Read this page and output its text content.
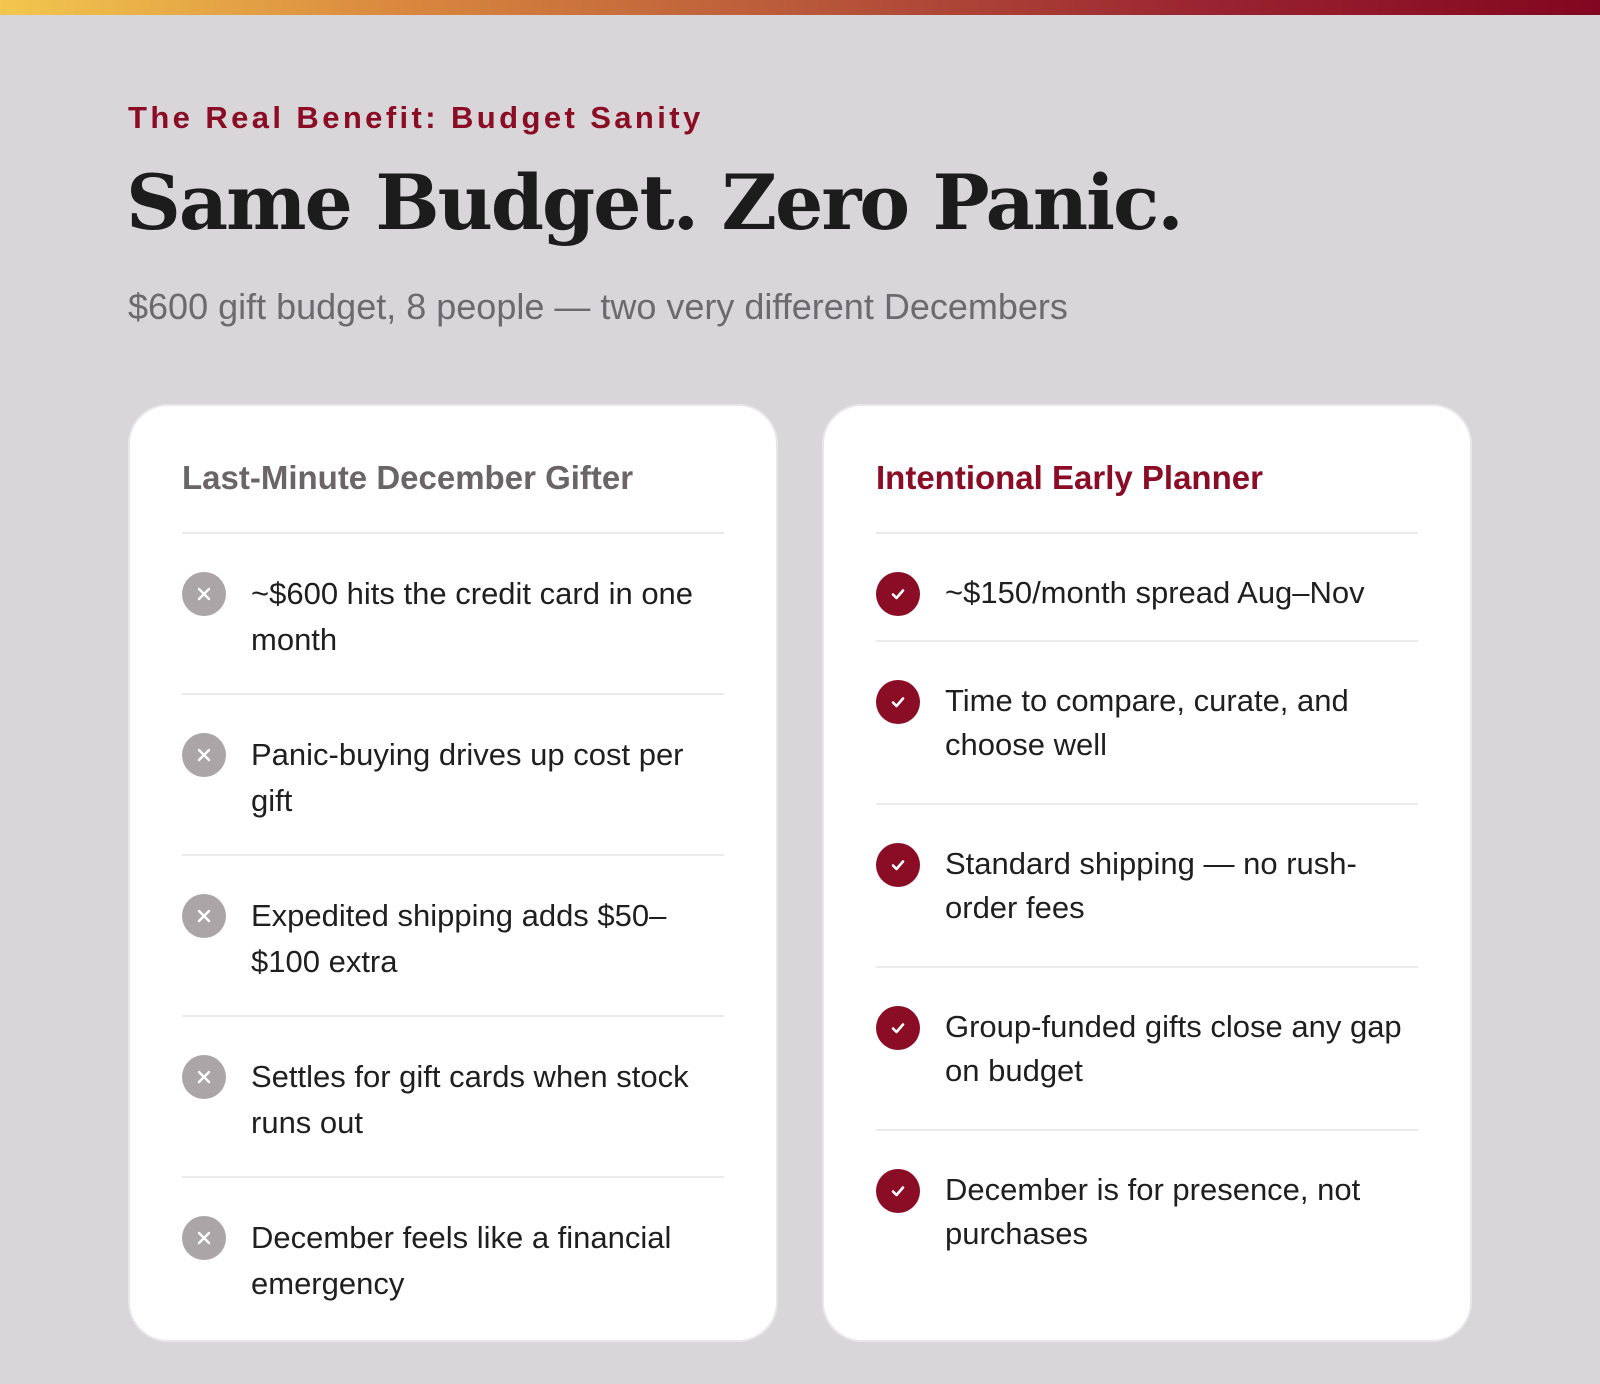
The Real Benefit: Budget Sanity
Same Budget. Zero Panic.

$600 gift budget, 8 people — two very different Decembers

Last-Minute December Gifter
~$600 hits the credit card in one month
Panic-buying drives up cost per gift
Expedited shipping adds $50–$100 extra
Settles for gift cards when stock runs out
December feels like a financial emergency
Intentional Early Planner
~$150/month spread Aug–Nov
Time to compare, curate, and choose well
Standard shipping — no rush-order fees
Group-funded gifts close any gap on budget
December is for presence, not purchases
